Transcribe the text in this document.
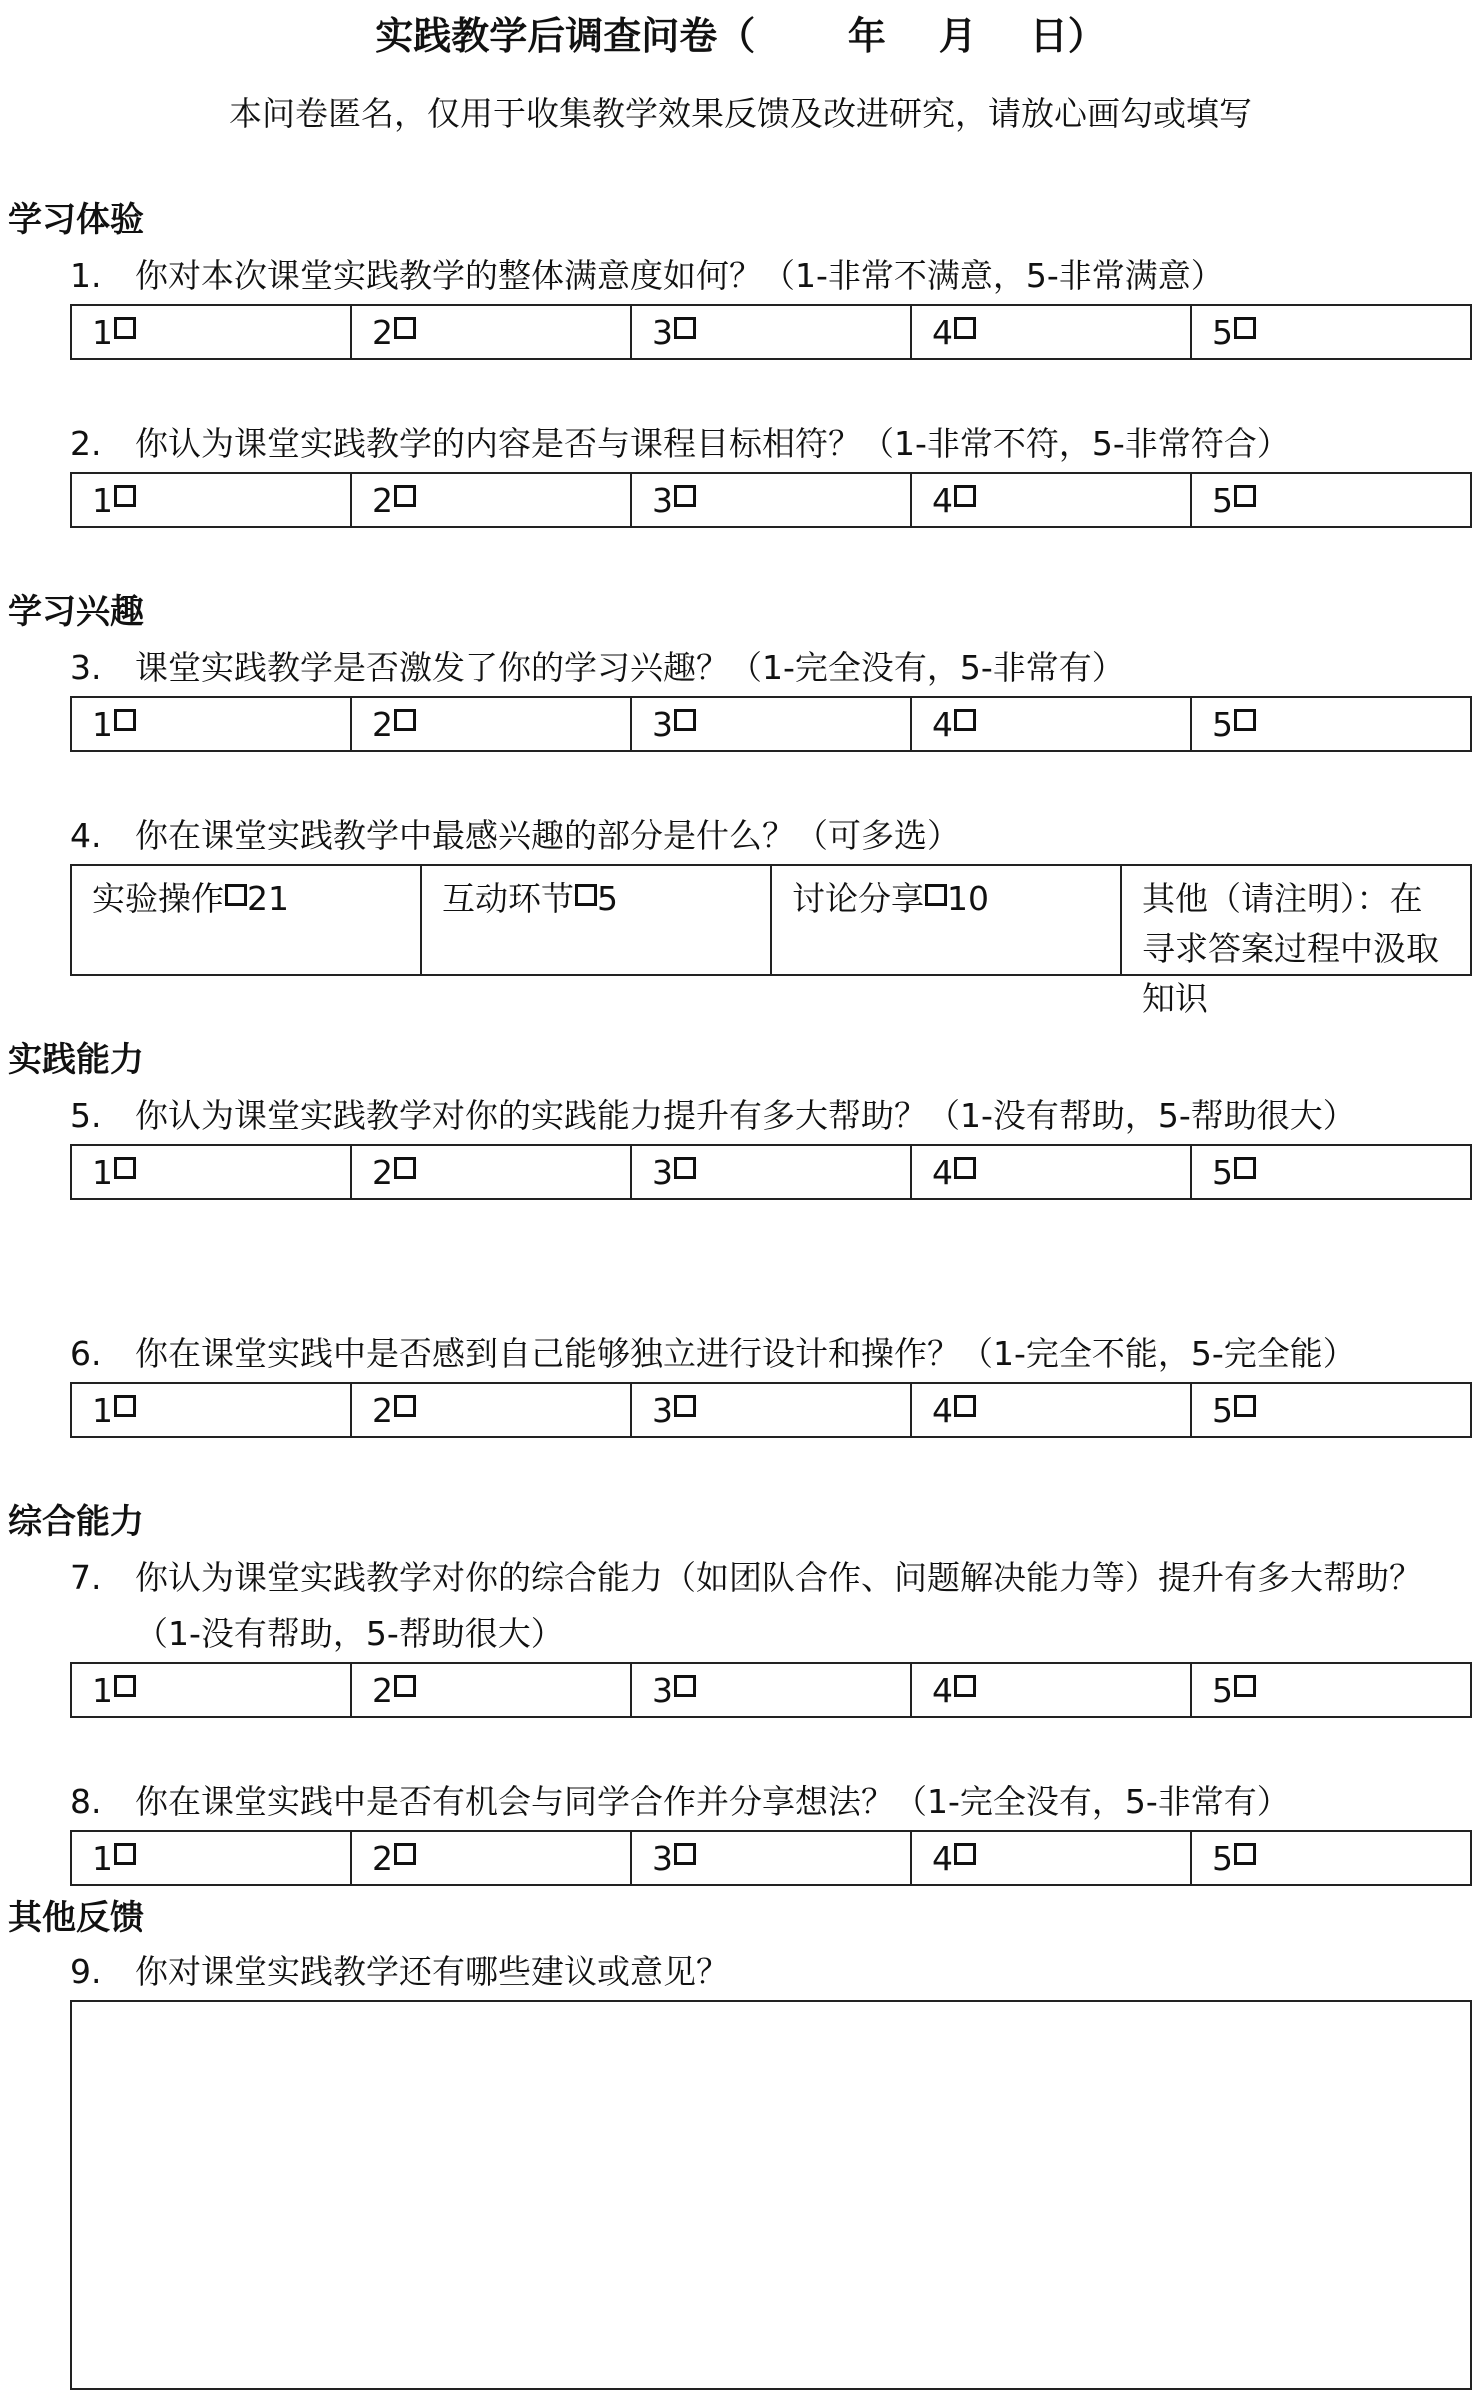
实践教学后调查问卷（       年    月    日）
本问卷匿名，仅用于收集教学效果反馈及改进研究，请放心画勾或填写
学习体验
1.	你对本次课堂实践教学的整体满意度如何？（1-非常不满意，5-非常满意）
1	2	3	4	5
2.	你认为课堂实践教学的内容是否与课程目标相符？（1-非常不符，5-非常符合）
1	2	3	4	5
学习兴趣
3.	课堂实践教学是否激发了你的学习兴趣？（1-完全没有，5-非常有）
1	2	3	4	5
4.	你在课堂实践教学中最感兴趣的部分是什么？（可多选）
实验操作 21	互动环节 5	讨论分享 10	其他（请注明）：在寻求答案过程中汲取知识
实践能力
5.	你认为课堂实践教学对你的实践能力提升有多大帮助？（1-没有帮助，5-帮助很大）
1	2	3	4	5
6.	你在课堂实践中是否感到自己能够独立进行设计和操作？（1-完全不能，5-完全能）
1	2	3	4	5
综合能力
7.	你认为课堂实践教学对你的综合能力（如团队合作、问题解决能力等）提升有多大帮助？（1-没有帮助，5-帮助很大）
1	2	3	4	5
8.	你在课堂实践中是否有机会与同学合作并分享想法？（1-完全没有，5-非常有）
1	2	3	4	5
其他反馈
9.	你对课堂实践教学还有哪些建议或意见？
